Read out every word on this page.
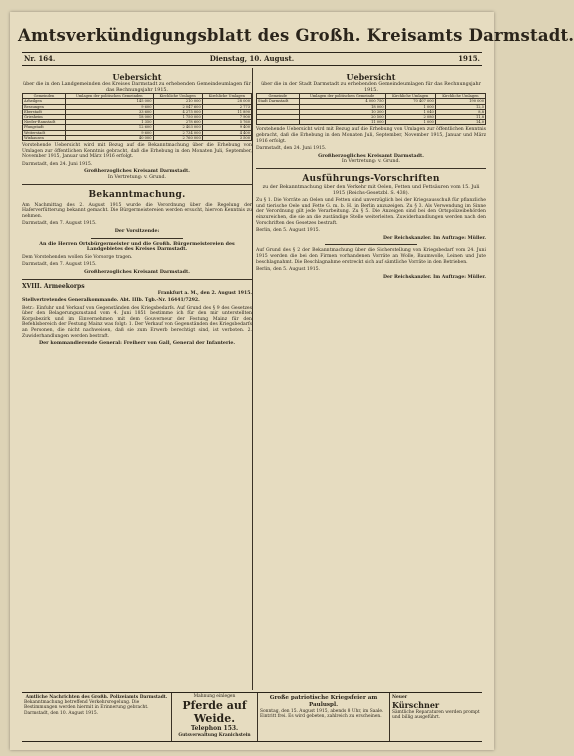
Amtsverkündigungsblatt des Großh. Kreisamts Darmstadt.
Nr. 164.	Dienstag, 10. August.	1915.
Uebersicht
über die in den Landgemeinden des Kreises Darmstadt zu erhebenden Gemeindeumlagen für das Rechnungsjahr 1915.
Gemeinden	Umlagen der politischen Gemeinden	Kirchliche Umlagen	Kirchliche Umlagen
Arheilgen	145 000	210 000	28 000
Bessungen	9 600	2 047 600	2 773
Eberstadt	33 600	4 275 000	11 890
Griesheim	18 000	1 750 000	7 900
Nieder-Ramstadt	1 350	278 600	5 760
Pfungstadt	12 600	2 403 000	9 400
Weiterstadt	9 600	2 734 000	4 400
Wixhausen	40 000	2 760 000	3 500
Vorstehende Uebersicht wird mit Bezug auf die Bekanntmachung über die Erhebung von Umlagen zur öffentlichen Kenntnis gebracht, daß die Erhebung in den Monaten Juli, September, November 1915, Januar und März 1916 erfolgt.
Darmstadt, den 24. Juni 1915.
Großherzogliches Kreisamt Darmstadt.
In Vertretung: v. Grund.
Bekanntmachung.
Am Nachmittag des 2. August 1915 wurde die Verordnung über die Regelung der Haferverfütterung bekannt gemacht. Die Bürgermeistereien werden ersucht, hiervon Kenntnis zu nehmen.
Darmstadt, den 7. August 1915.
Der Vorsitzende:
An die Herren Ortsbürgermeister und die Großh. Bürgermeistereien des Landgebietes des Kreises Darmstadt.
Dem Vorstehenden wollen Sie Vorsorge tragen.
Darmstadt, den 7. August 1915.
Großherzogliches Kreisamt Darmstadt.
XVIII. Armeekorps
Frankfurt a. M., den 2. August 1915.
Stellvertretendes Generalkommando. Abt. IIIb. Tgb.-Nr. 16441/7292.
Betr.: Einfuhr und Verkauf von Gegenständen des Kriegsbedarfs. Auf Grund des § 9 des Gesetzes über den Belagerungszustand vom 4. Juni 1851 bestimme ich für den mir unterstellten Korpsbezirk und im Einvernehmen mit dem Gouverneur der Festung Mainz für den Befehlsbereich der Festung Mainz was folgt: 1. Der Verkauf von Gegenständen des Kriegsbedarfs an Personen, die nicht nachweisen, daß sie zum Erwerb berechtigt sind, ist verboten. 2. Zuwiderhandlungen werden bestraft.
Der kommandierende General: Freiherr von Gall, General der Infanterie.
Uebersicht
über die in der Stadt Darmstadt zu erhebenden Gemeindeumlagen für das Rechnungsjahr 1915.
Gemeinde	Umlagen der politischen Gemeinde	Kirchliche Umlagen	Kirchliche Umlagen
Stadt Darmstadt	4 000 750	70 407 000	190 000
	18 000	1 000	12,5
	10 300	1 040	8,8
	20 500	2 080	11,8
	11 000	1 000	14,0
Vorstehende Uebersicht wird mit Bezug auf die Erhebung von Umlagen zur öffentlichen Kenntnis gebracht, daß die Erhebung in den Monaten Juli, September, November 1915, Januar und März 1916 erfolgt.
Darmstadt, den 24. Juni 1915.
Großherzogliches Kreisamt Darmstadt.
In Vertretung: v. Grund.
Ausführungs-Vorschriften
zu der Bekanntmachung über den Verkehr mit Oelen, Fetten und Fettsäuren vom 15. Juli 1915 (Reichs-Gesetzbl. S. 438).
Zu § 1. Die Vorräte an Oelen und Fetten sind unverzüglich bei der Kriegsausschuß für pflanzliche und tierische Oele und Fette G. m. b. H. in Berlin anzuzeigen. Zu § 3. Als Verwendung im Sinne der Verordnung gilt jede Verarbeitung. Zu § 5. Die Anzeigen sind bei den Ortspolizeibehörden einzureichen, die sie an die zuständige Stelle weiterleiten. Zuwiderhandlungen werden nach den Vorschriften des Gesetzes bestraft.
Berlin, den 5. August 1915.
Der Reichskanzler. Im Auftrage: Müller.
Auf Grund des § 2 der Bekanntmachung über die Sicherstellung von Kriegsbedarf vom 24. Juni 1915 werden die bei den Firmen vorhandenen Vorräte an Wolle, Baumwolle, Leinen und Jute beschlagnahmt. Die Beschlagnahme erstreckt sich auf sämtliche Vorräte in den Betrieben.
Berlin, den 5. August 1915.
Der Reichskanzler. Im Auftrage: Müller.
Amtliche Nachrichten des Großh. Polizeiamts Darmstadt.
Bekanntmachung betreffend Verkehrsregelung. Die Bestimmungen werden hiermit in Erinnerung gebracht. Darmstadt, den 10. August 1915.
Mahnung einlegen
Pferde auf Weide.
Telephon 153.
Gutsverwaltung Kranichstein
Große patriotische Kriegsfeier am Pauluspl.
Sonntag, den 15. August 1915, abends 8 Uhr, im Saale. Eintritt frei. Es wird gebeten, zahlreich zu erscheinen.
Neuer
Kürschner
Sämtliche Reparaturen werden prompt und billig ausgeführt.
